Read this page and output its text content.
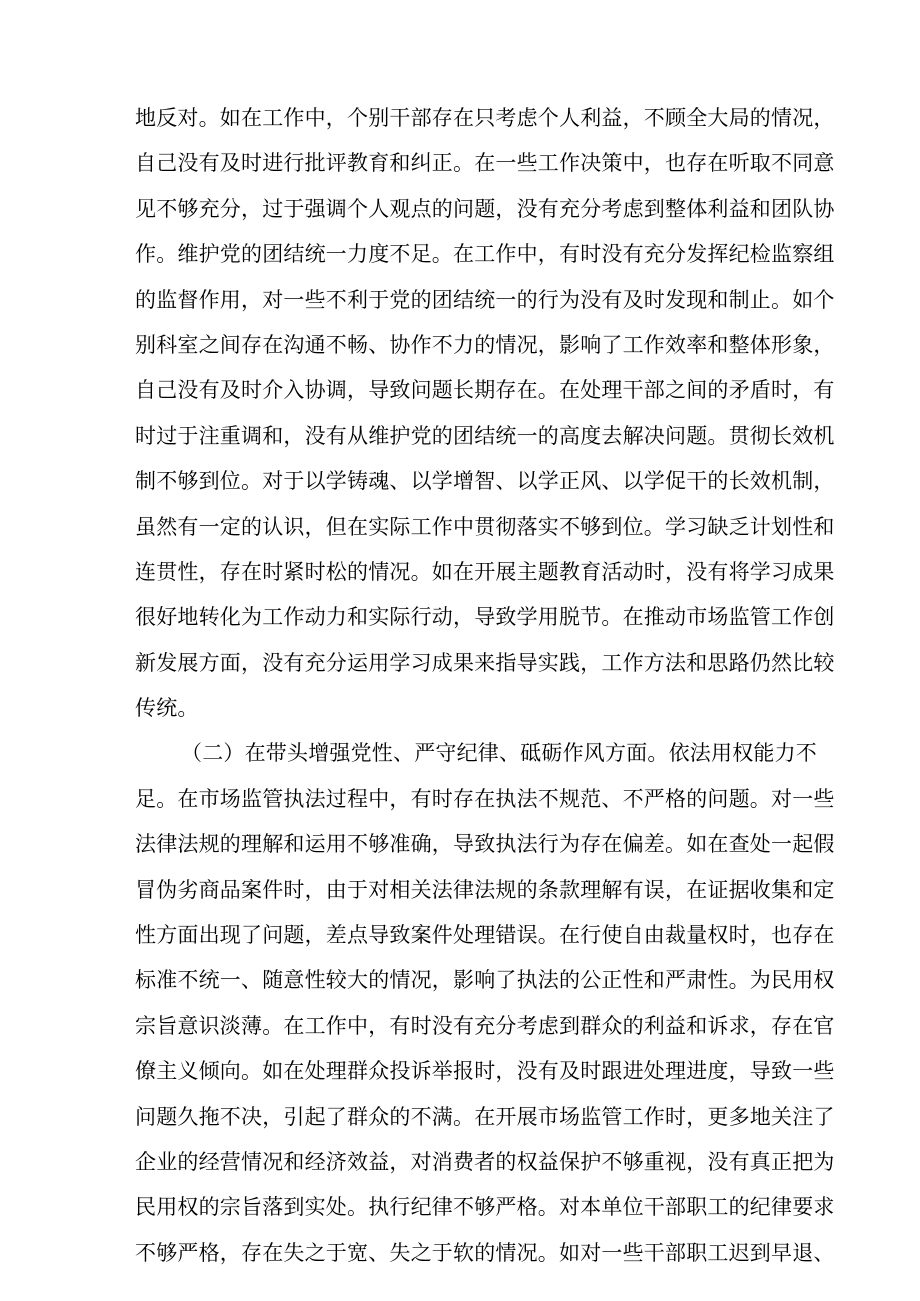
地反对。如在工作中，个别干部存在只考虑个人利益，不顾全大局的情况，
自己没有及时进行批评教育和纠正。在一些工作决策中，也存在听取不同意
见不够充分，过于强调个人观点的问题，没有充分考虑到整体利益和团队协
作。维护党的团结统一力度不足。在工作中，有时没有充分发挥纪检监察组
的监督作用，对一些不利于党的团结统一的行为没有及时发现和制止。如个
别科室之间存在沟通不畅、协作不力的情况，影响了工作效率和整体形象，
自己没有及时介入协调，导致问题长期存在。在处理干部之间的矛盾时，有
时过于注重调和，没有从维护党的团结统一的高度去解决问题。贯彻长效机
制不够到位。对于以学铸魂、以学增智、以学正风、以学促干的长效机制，
虽然有一定的认识，但在实际工作中贯彻落实不够到位。学习缺乏计划性和
连贯性，存在时紧时松的情况。如在开展主题教育活动时，没有将学习成果
很好地转化为工作动力和实际行动，导致学用脱节。在推动市场监管工作创
新发展方面，没有充分运用学习成果来指导实践，工作方法和思路仍然比较
传统。
（二）在带头增强党性、严守纪律、砥砺作风方面。依法用权能力不
足。在市场监管执法过程中，有时存在执法不规范、不严格的问题。对一些
法律法规的理解和运用不够准确，导致执法行为存在偏差。如在查处一起假
冒伪劣商品案件时，由于对相关法律法规的条款理解有误，在证据收集和定
性方面出现了问题，差点导致案件处理错误。在行使自由裁量权时，也存在
标准不统一、随意性较大的情况，影响了执法的公正性和严肃性。为民用权
宗旨意识淡薄。在工作中，有时没有充分考虑到群众的利益和诉求，存在官
僚主义倾向。如在处理群众投诉举报时，没有及时跟进处理进度，导致一些
问题久拖不决，引起了群众的不满。在开展市场监管工作时，更多地关注了
企业的经营情况和经济效益，对消费者的权益保护不够重视，没有真正把为
民用权的宗旨落到实处。执行纪律不够严格。对本单位干部职工的纪律要求
不够严格，存在失之于宽、失之于软的情况。如对一些干部职工迟到早退、
